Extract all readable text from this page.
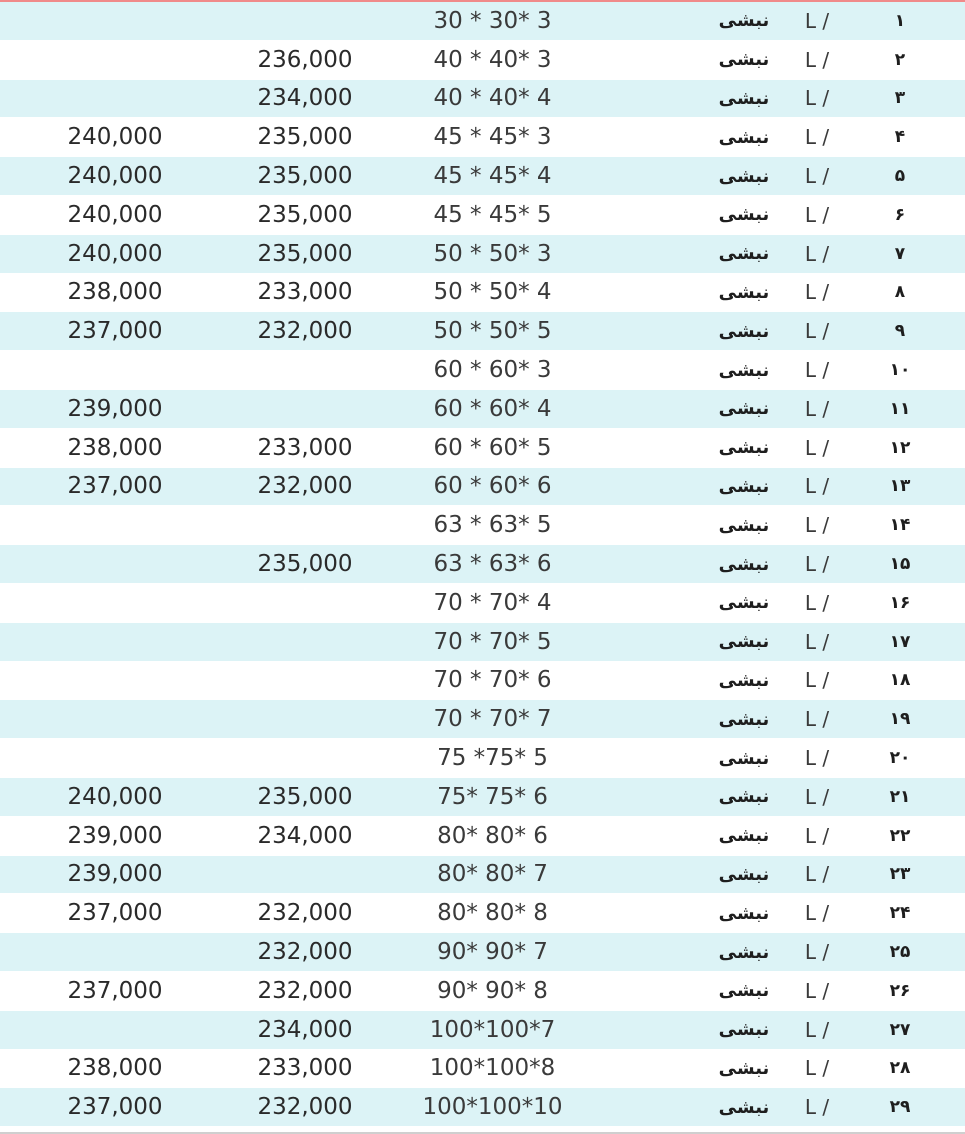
۱
L /
نبشی
30 * 30* 3
۲
L /
نبشی
40 * 40* 3
236,000
۳
L /
نبشی
40 * 40* 4
234,000
۴
L /
نبشی
45 * 45* 3
235,000
240,000
۵
L /
نبشی
45 * 45* 4
235,000
240,000
۶
L /
نبشی
45 * 45* 5
235,000
240,000
۷
L /
نبشی
50 * 50* 3
235,000
240,000
۸
L /
نبشی
50 * 50* 4
233,000
238,000
۹
L /
نبشی
50 * 50* 5
232,000
237,000
۱۰
L /
نبشی
60 * 60* 3
۱۱
L /
نبشی
60 * 60* 4
239,000
۱۲
L /
نبشی
60 * 60* 5
233,000
238,000
۱۳
L /
نبشی
60 * 60* 6
232,000
237,000
۱۴
L /
نبشی
63 * 63* 5
۱۵
L /
نبشی
63 * 63* 6
235,000
۱۶
L /
نبشی
70 * 70* 4
۱۷
L /
نبشی
70 * 70* 5
۱۸
L /
نبشی
70 * 70* 6
۱۹
L /
نبشی
70 * 70* 7
۲۰
L /
نبشی
75 *75* 5
۲۱
L /
نبشی
75* 75* 6
235,000
240,000
۲۲
L /
نبشی
80* 80* 6
234,000
239,000
۲۳
L /
نبشی
80* 80* 7
239,000
۲۴
L /
نبشی
80* 80* 8
232,000
237,000
۲۵
L /
نبشی
90* 90* 7
232,000
۲۶
L /
نبشی
90* 90* 8
232,000
237,000
۲۷
L /
نبشی
100*100*7
234,000
۲۸
L /
نبشی
100*100*8
233,000
238,000
۲۹
L /
نبشی
100*100*10
232,000
237,000
